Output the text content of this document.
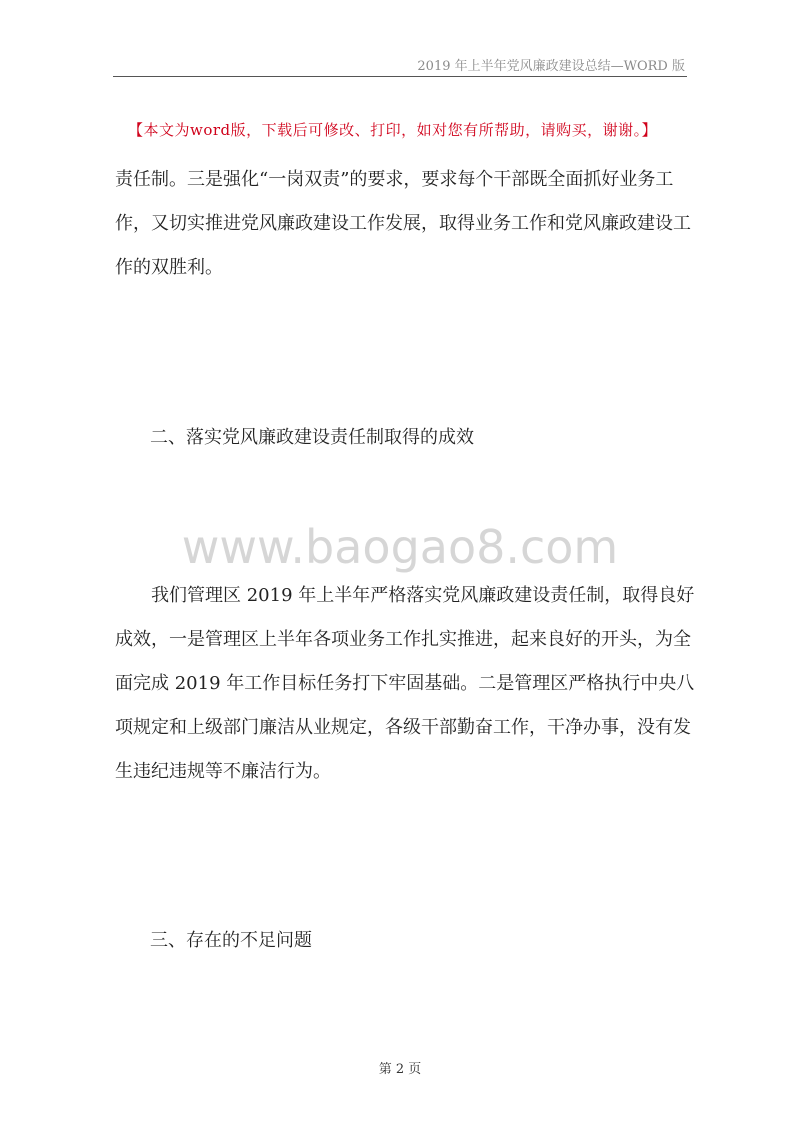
2019 年上半年党风廉政建设总结—WORD 版
【本文为word版，下载后可修改、打印，如对您有所帮助，请购买，谢谢。】

责任制。三是强化“一岗双责”的要求，要求每个干部既全面抓好业务工作，又切实推进党风廉政建设工作发展，取得业务工作和党风廉政建设工作的双胜利。

二、落实党风廉政建设责任制取得的成效
www.baogao8.com

我们管理区 2019 年上半年严格落实党风廉政建设责任制，取得良好成效，一是管理区上半年各项业务工作扎实推进，起来良好的开头，为全面完成 2019 年工作目标任务打下牢固基础。二是管理区严格执行中央八项规定和上级部门廉洁从业规定，各级干部勤奋工作，干净办事，没有发生违纪违规等不廉洁行为。

三、存在的不足问题
第 2 页
